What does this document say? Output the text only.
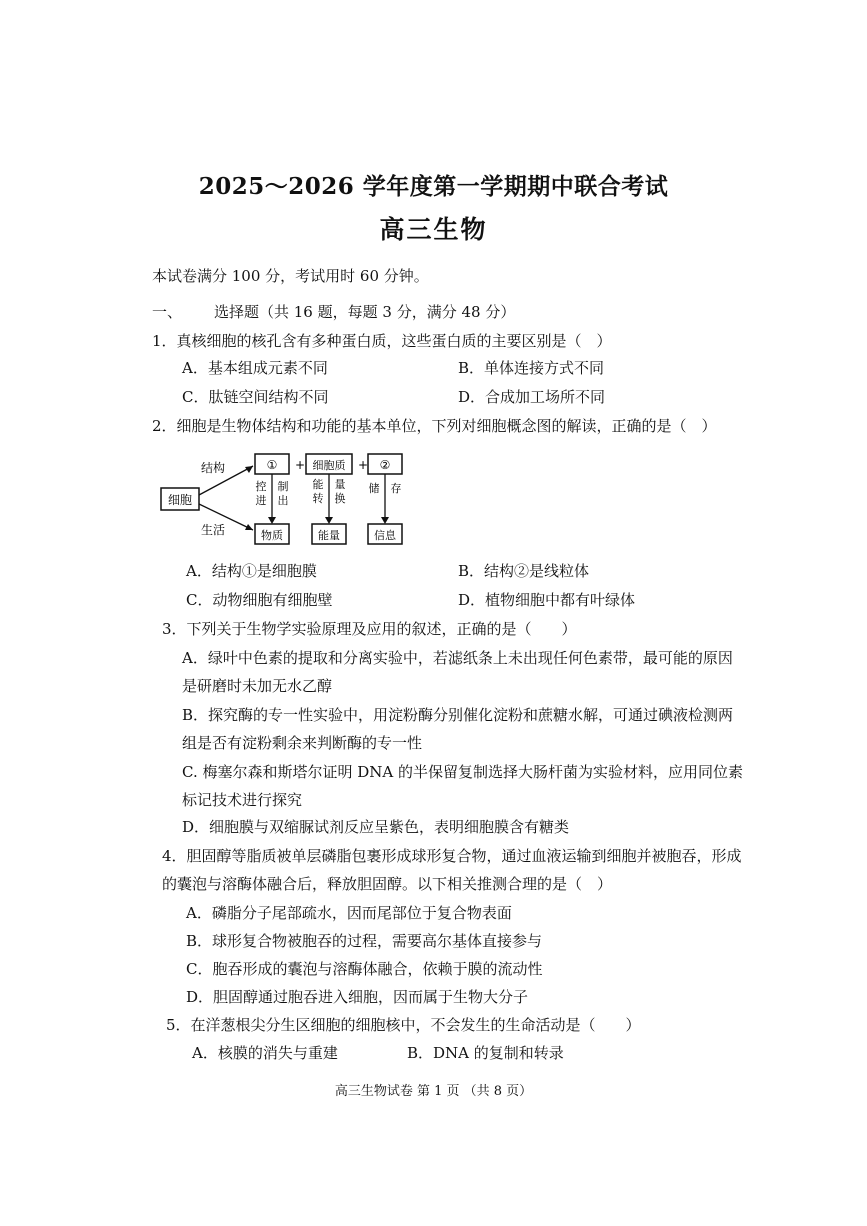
2025～2026 学年度第一学期期中联合考试
高三生物
本试卷满分 100 分，考试用时 60 分钟。
一、 选择题（共 16 题，每题 3 分，满分 48 分）
1．真核细胞的核孔含有多种蛋白质，这些蛋白质的主要区别是（　）
A．基本组成元素不同	B．单体连接方式不同
C．肽链空间结构不同	D．合成加工场所不同
2．细胞是生物体结构和功能的基本单位，下列对细胞概念图的解读，正确的是（　）
细胞
结构
生活
① + 细胞质 + ②
控
进
制
出
能 量
转 换
储 存
物质	能量	信息
A．结构①是细胞膜	B．结构②是线粒体
C．动物细胞有细胞壁	D．植物细胞中都有叶绿体
3．下列关于生物学实验原理及应用的叙述，正确的是（　　）
A．绿叶中色素的提取和分离实验中，若滤纸条上未出现任何色素带，最可能的原因
是研磨时未加无水乙醇
B．探究酶的专一性实验中，用淀粉酶分别催化淀粉和蔗糖水解，可通过碘液检测两
组是否有淀粉剩余来判断酶的专一性
C. 梅塞尔森和斯塔尔证明 DNA 的半保留复制选择大肠杆菌为实验材料，应用同位素
标记技术进行探究
D．细胞膜与双缩脲试剂反应呈紫色，表明细胞膜含有糖类
4．胆固醇等脂质被单层磷脂包裹形成球形复合物，通过血液运输到细胞并被胞吞，形成
的囊泡与溶酶体融合后，释放胆固醇。以下相关推测合理的是（　）
A．磷脂分子尾部疏水，因而尾部位于复合物表面
B．球形复合物被胞吞的过程，需要高尔基体直接参与
C．胞吞形成的囊泡与溶酶体融合，依赖于膜的流动性
D．胆固醇通过胞吞进入细胞，因而属于生物大分子
5．在洋葱根尖分生区细胞的细胞核中，不会发生的生命活动是（　　）
A．核膜的消失与重建	B．DNA 的复制和转录
高三生物试卷 第 1 页 （共 8 页）
